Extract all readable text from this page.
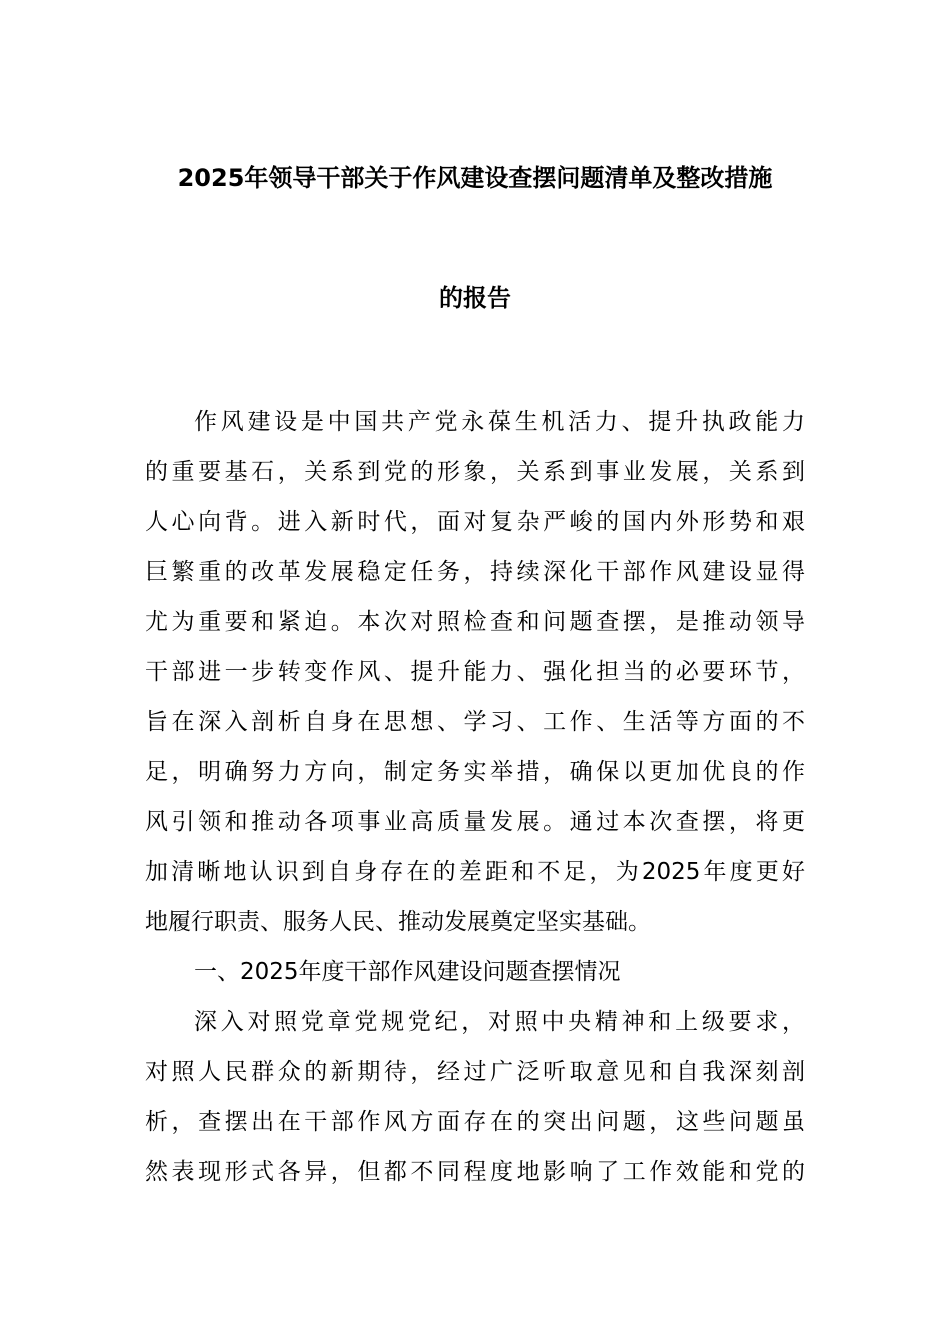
2025年领导干部关于作风建设查摆问题清单及整改措施
的报告
作风建设是中国共产党永葆生机活力、提升执政能力
的重要基石，关系到党的形象，关系到事业发展，关系到
人心向背。进入新时代，面对复杂严峻的国内外形势和艰
巨繁重的改革发展稳定任务，持续深化干部作风建设显得
尤为重要和紧迫。本次对照检查和问题查摆，是推动领导
干部进一步转变作风、提升能力、强化担当的必要环节，
旨在深入剖析自身在思想、学习、工作、生活等方面的不
足，明确努力方向，制定务实举措，确保以更加优良的作
风引领和推动各项事业高质量发展。通过本次查摆，将更
加清晰地认识到自身存在的差距和不足，为2025年度更好
地履行职责、服务人民、推动发展奠定坚实基础。
一、2025年度干部作风建设问题查摆情况
深入对照党章党规党纪，对照中央精神和上级要求，
对照人民群众的新期待，经过广泛听取意见和自我深刻剖
析，查摆出在干部作风方面存在的突出问题，这些问题虽
然表现形式各异，但都不同程度地影响了工作效能和党的
